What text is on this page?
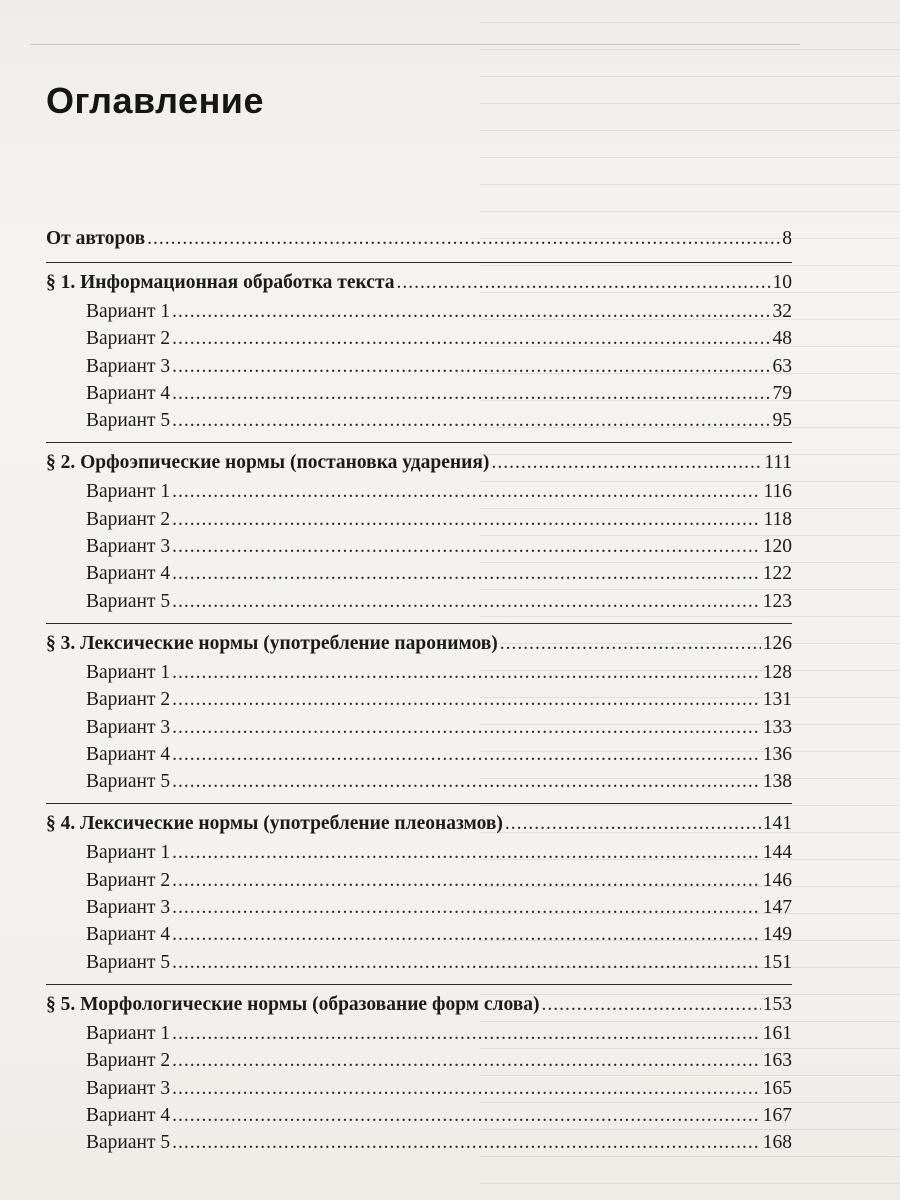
Оглавление
От авторов .....	8
§ 1. Информационная обработка текста .....	10
Вариант 1 .....	32
Вариант 2 .....	48
Вариант 3 .....	63
Вариант 4 .....	79
Вариант 5 .....	95
§ 2. Орфоэпические нормы (постановка ударения) .....	111
Вариант 1 .....	116
Вариант 2 .....	118
Вариант 3 .....	120
Вариант 4 .....	122
Вариант 5 .....	123
§ 3. Лексические нормы (употребление паронимов) .....	126
Вариант 1 .....	128
Вариант 2 .....	131
Вариант 3 .....	133
Вариант 4 .....	136
Вариант 5 .....	138
§ 4. Лексические нормы (употребление плеоназмов) .....	141
Вариант 1 .....	144
Вариант 2 .....	146
Вариант 3 .....	147
Вариант 4 .....	149
Вариант 5 .....	151
§ 5. Морфологические нормы (образование форм слова) .....	153
Вариант 1 .....	161
Вариант 2 .....	163
Вариант 3 .....	165
Вариант 4 .....	167
Вариант 5 .....	168
